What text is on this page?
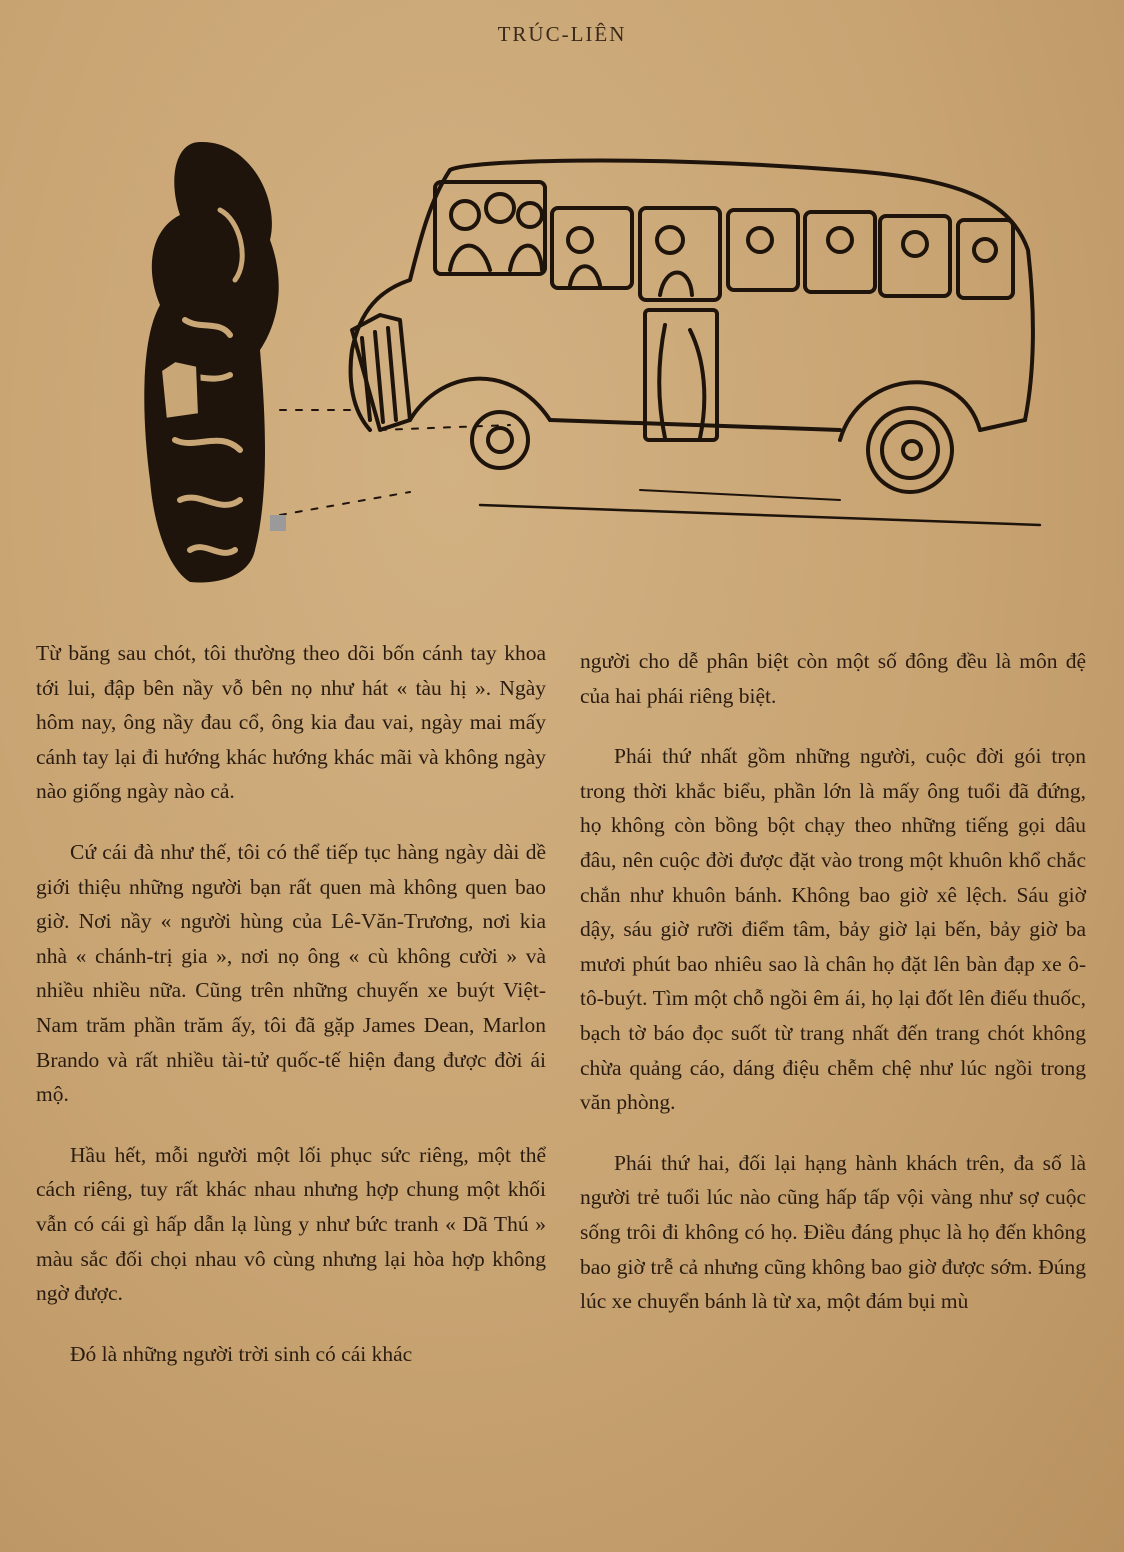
TRÚC-LIÊN

Từ băng sau chót, tôi thường theo dõi bốn cánh tay khoa tới lui, đập bên nầy vỗ bên nọ như hát « tàu hị ». Ngày hôm nay, ông nầy đau cổ, ông kia đau vai, ngày mai mấy cánh tay lại đi hướng khác hướng khác mãi và không ngày nào giống ngày nào cả.

Cứ cái đà như thế, tôi có thể tiếp tục hàng ngày dài dề giới thiệu những người bạn rất quen mà không quen bao giờ. Nơi nầy « người hùng của Lê-Văn-Trương, nơi kia nhà « chánh-trị gia », nơi nọ ông « cù không cười » và nhiều nhiều nữa. Cũng trên những chuyến xe buýt Việt-Nam trăm phần trăm ấy, tôi đã gặp James Dean, Marlon Brando và rất nhiều tài-tử quốc-tế hiện đang được đời ái mộ.

Hầu hết, mỗi người một lối phục sức riêng, một thể cách riêng, tuy rất khác nhau nhưng hợp chung một khối vẫn có cái gì hấp dẫn lạ lùng y như bức tranh « Dã Thú » màu sắc đối chọi nhau vô cùng nhưng lại hòa hợp không ngờ được.

Đó là những người trời sinh có cái khác

người cho dễ phân biệt còn một số đông đều là môn đệ của hai phái riêng biệt.

Phái thứ nhất gồm những người, cuộc đời gói trọn trong thời khắc biểu, phần lớn là mấy ông tuổi đã đứng, họ không còn bồng bột chạy theo những tiếng gọi dâu đâu, nên cuộc đời được đặt vào trong một khuôn khổ chắc chắn như khuôn bánh. Không bao giờ xê lệch. Sáu giờ dậy, sáu giờ rưỡi điểm tâm, bảy giờ lại bến, bảy giờ ba mươi phút bao nhiêu sao là chân họ đặt lên bàn đạp xe ô-tô-buýt. Tìm một chỗ ngồi êm ái, họ lại đốt lên điếu thuốc, bạch tờ báo đọc suốt từ trang nhất đến trang chót không chừa quảng cáo, dáng điệu chễm chệ như lúc ngồi trong văn phòng.

Phái thứ hai, đối lại hạng hành khách trên, đa số là người trẻ tuổi lúc nào cũng hấp tấp vội vàng như sợ cuộc sống trôi đi không có họ. Điều đáng phục là họ đến không bao giờ trễ cả nhưng cũng không bao giờ được sớm. Đúng lúc xe chuyển bánh là từ xa, một đám bụi mù
